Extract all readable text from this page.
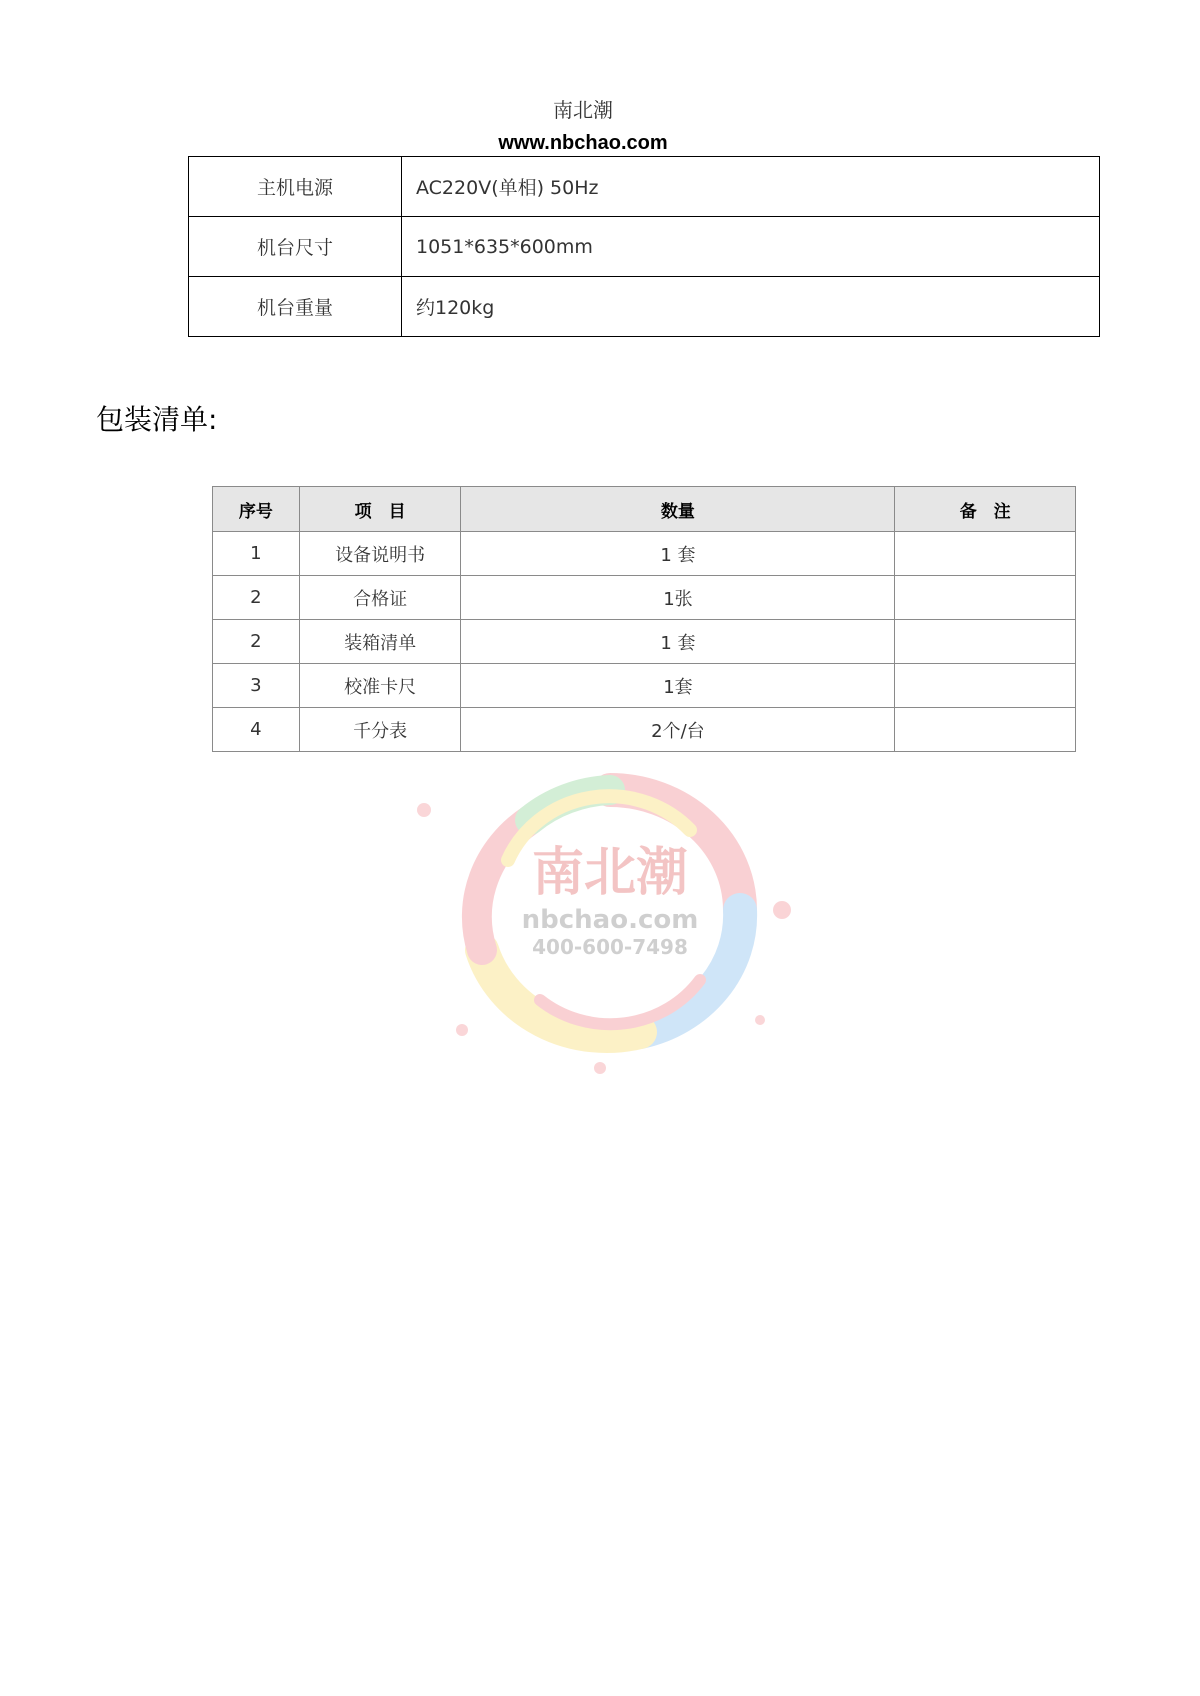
南北潮
www.nbchao.com
主机电源	AC220V(单相) 50Hz
机台尺寸	1051*635*600mm
机台重量	约120kg
包装清单:
序号	项　目	数量	备　注
1	设备说明书	1 套	
2	合格证	1张	
2	装箱清单	1 套	
3	校准卡尺	1套	
4	千分表	2个/台	
南北潮
nbchao.com
400-600-7498
